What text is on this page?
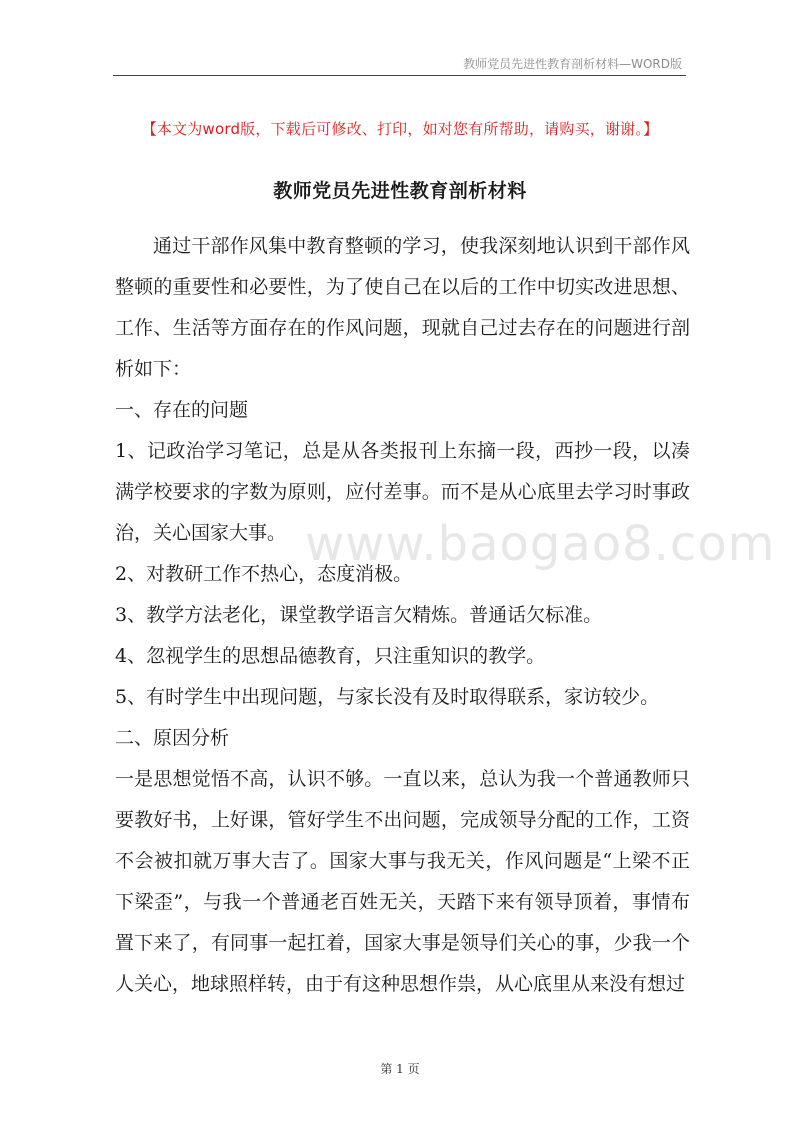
教师党员先进性教育剖析材料—WORD版
【本文为word版，下载后可修改、打印，如对您有所帮助，请购买，谢谢。】
教师党员先进性教育剖析材料

通过干部作风集中教育整顿的学习，使我深刻地认识到干部作风整顿的重要性和必要性，为了使自己在以后的工作中切实改进思想、工作、生活等方面存在的作风问题，现就自己过去存在的问题进行剖析如下：

一、存在的问题

1、记政治学习笔记，总是从各类报刊上东摘一段，西抄一段，以凑满学校要求的字数为原则，应付差事。而不是从心底里去学习时事政治，关心国家大事。

2、对教研工作不热心，态度消极。

3、教学方法老化，课堂教学语言欠精炼。普通话欠标准。

4、忽视学生的思想品德教育，只注重知识的教学。

5、有时学生中出现问题，与家长没有及时取得联系，家访较少。

二、原因分析

一是思想觉悟不高，认识不够。一直以来，总认为我一个普通教师只要教好书，上好课，管好学生不出问题，完成领导分配的工作，工资不会被扣就万事大吉了。国家大事与我无关，作风问题是“上梁不正下梁歪”，与我一个普通老百姓无关，天踏下来有领导顶着，事情布置下来了，有同事一起扛着，国家大事是领导们关心的事，少我一个人关心，地球照样转，由于有这种思想作祟，从心底里从来没有想过

www.baogao8.com
第 1 页
